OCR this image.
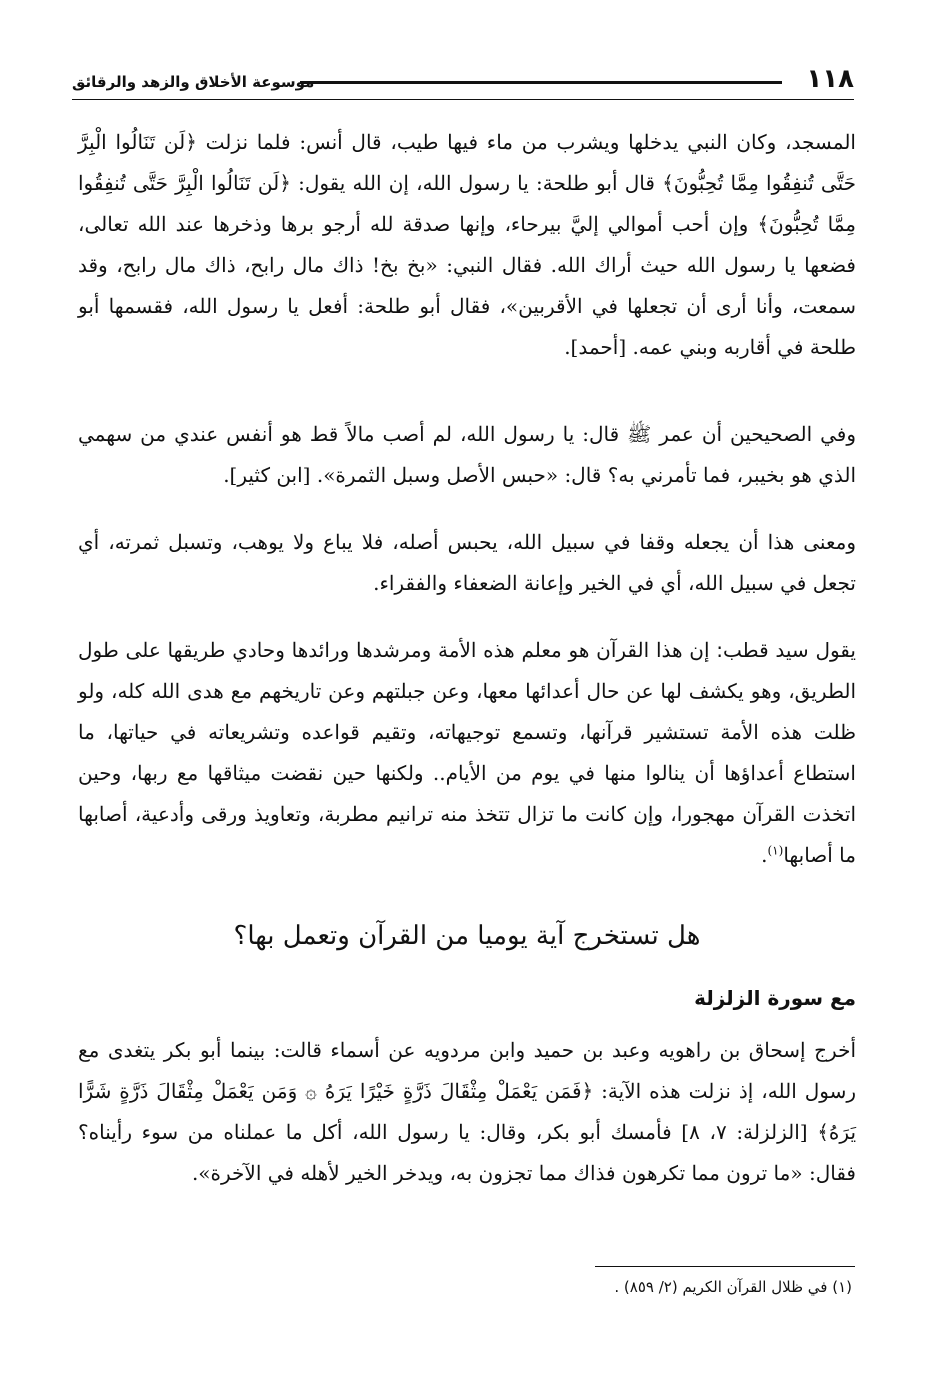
١١٨
موسوعة الأخلاق والزهد والرقائق
المسجد، وكان النبي يدخلها ويشرب من ماء فيها طيب، قال أنس: فلما نزلت ﴿لَن تَنَالُوا الْبِرَّ حَتَّى تُنفِقُوا مِمَّا تُحِبُّونَ﴾ قال أبو طلحة: يا رسول الله، إن الله يقول: ﴿لَن تَنَالُوا الْبِرَّ حَتَّى تُنفِقُوا مِمَّا تُحِبُّونَ﴾ وإن أحب أموالي إليَّ بيرحاء، وإنها صدقة لله أرجو برها وذخرها عند الله تعالى، فضعها يا رسول الله حيث أراك الله. فقال النبي: «بخ بخ! ذاك مال رابح، ذاك مال رابح، وقد سمعت، وأنا أرى أن تجعلها في الأقربين»، فقال أبو طلحة: أفعل يا رسول الله، فقسمها أبو طلحة في أقاربه وبني عمه. [أحمد].
وفي الصحيحين أن عمر ﷺ قال: يا رسول الله، لم أصب مالاً قط هو أنفس عندي من سهمي الذي هو بخيبر، فما تأمرني به؟ قال: «حبس الأصل وسبل الثمرة». [ابن كثير].
ومعنى هذا أن يجعله وقفا في سبيل الله، يحبس أصله، فلا يباع ولا يوهب، وتسبل ثمرته، أي تجعل في سبيل الله، أي في الخير وإعانة الضعفاء والفقراء.
يقول سيد قطب: إن هذا القرآن هو معلم هذه الأمة ومرشدها ورائدها وحادي طريقها على طول الطريق، وهو يكشف لها عن حال أعدائها معها، وعن جبلتهم وعن تاريخهم مع هدى الله كله، ولو ظلت هذه الأمة تستشير قرآنها، وتسمع توجيهاته، وتقيم قواعده وتشريعاته في حياتها، ما استطاع أعداؤها أن ينالوا منها في يوم من الأيام.. ولكنها حين نقضت ميثاقها مع ربها، وحين اتخذت القرآن مهجورا، وإن كانت ما تزال تتخذ منه ترانيم مطربة، وتعاويذ ورقى وأدعية، أصابها ما أصابها$^{(١)}$.
هل تستخرج آية يوميا من القرآن وتعمل بها؟
مع سورة الزلزلة
أخرج إسحاق بن راهويه وعبد بن حميد وابن مردويه عن أسماء قالت: بينما أبو بكر يتغدى مع رسول الله، إذ نزلت هذه الآية: ﴿فَمَن يَعْمَلْ مِثْقَالَ ذَرَّةٍ خَيْرًا يَرَهُ ۞ وَمَن يَعْمَلْ مِثْقَالَ ذَرَّةٍ شَرًّا يَرَهُ﴾ [الزلزلة: ٧، ٨] فأمسك أبو بكر، وقال: يا رسول الله، أكل ما عملناه من سوء رأيناه؟ فقال: «ما ترون مما تكرهون فذاك مما تجزون به، ويدخر الخير لأهله في الآخرة».
(١) في ظلال القرآن الكريم (٢/ ٨٥٩) .
